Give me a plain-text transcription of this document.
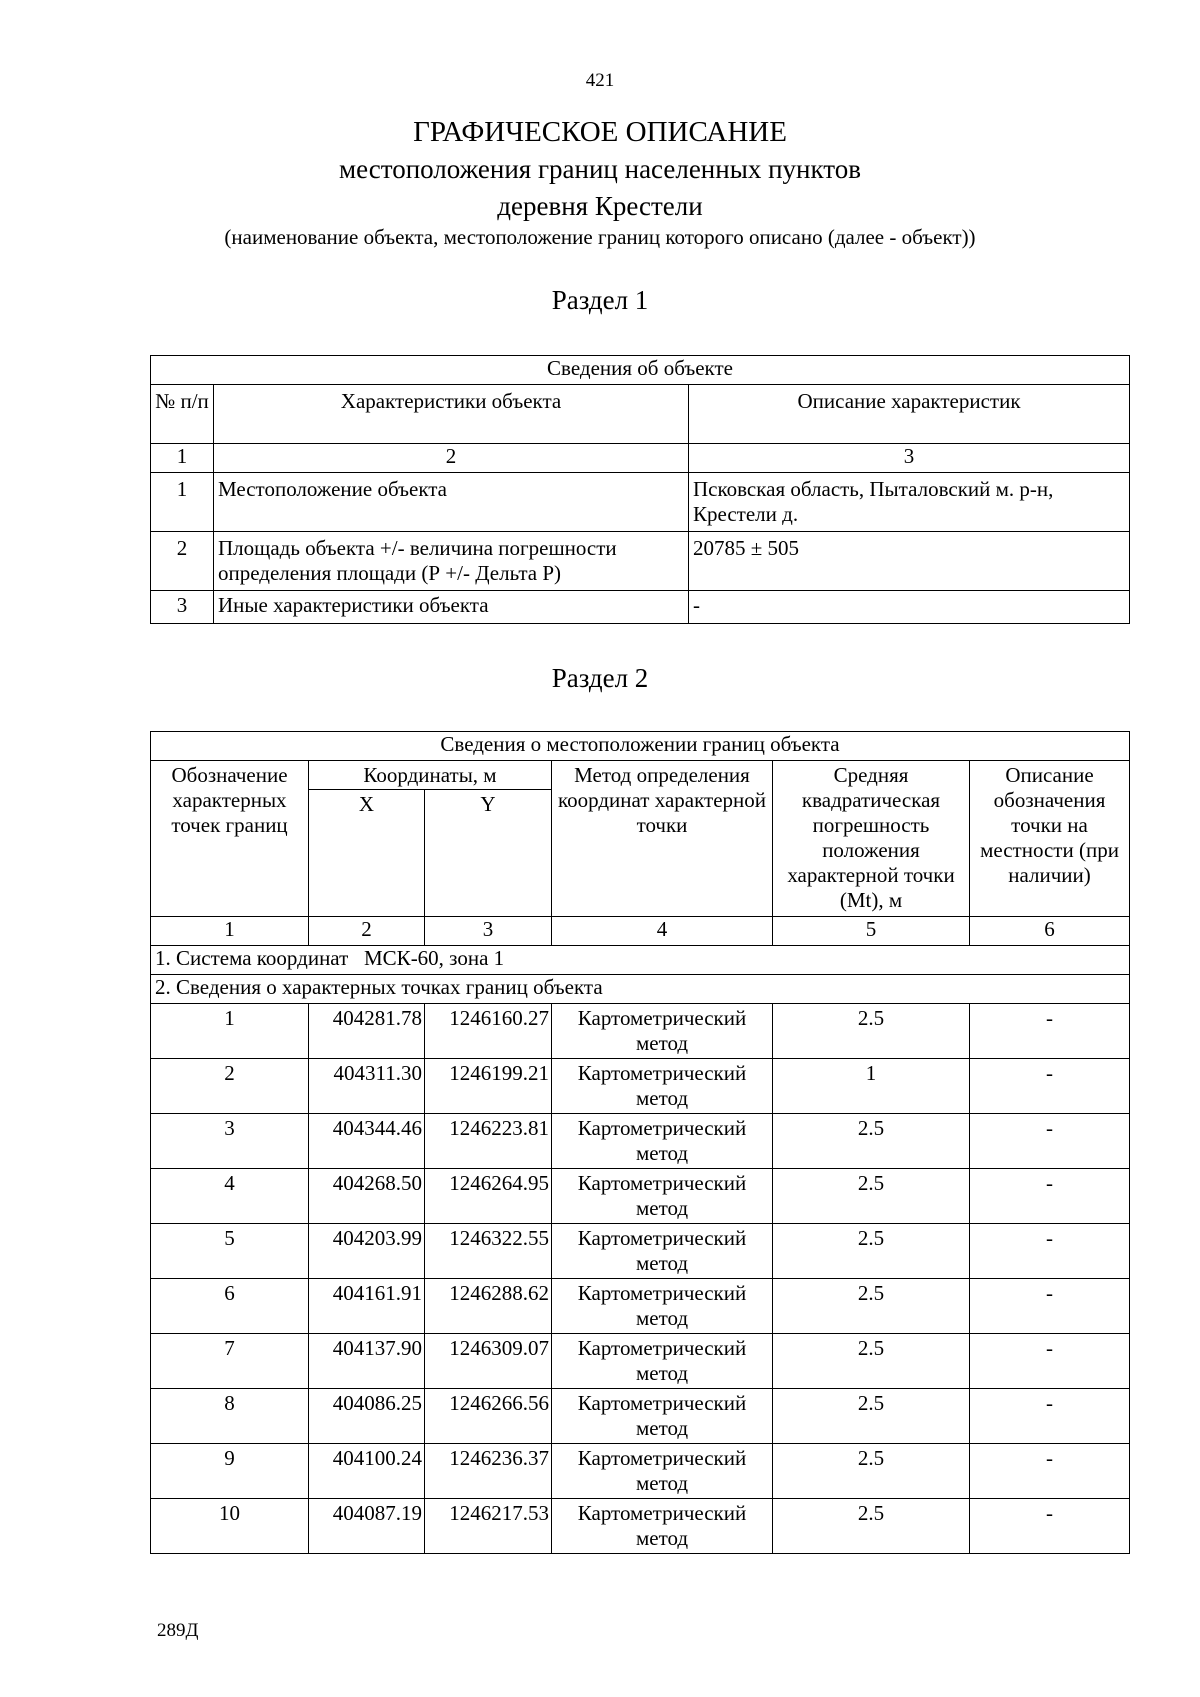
421
ГРАФИЧЕСКОЕ ОПИСАНИЕ
местоположения границ населенных пунктов
деревня Крестели
(наименование объекта, местоположение границ которого описано (далее - объект))
Раздел 1
Сведения об объекте		
№ п/п	Характеристики объекта	Описание характеристик
1	2	3
1	Местоположение объекта	Псковская область, Пыталовский м. р-н, Крестели д.
2	Площадь объекта +/- величина погрешности определения площади (Р +/- Дельта Р)	20785 ± 505
3	Иные характеристики объекта	-
Раздел 2
Сведения о местоположении границ объекта					
Обозначение характерных точек границ	Координаты, м		Метод определения координат характерной точки	Средняя квадратическая погрешность положения характерной точки (Mt), м	Описание обозначения точки на местности (при наличии)
	X	Y			
1	2	3	4	5	6
1. Система координат   МСК-60, зона 1					
2. Сведения о характерных точках границ объекта					
1	404281.78	1246160.27	Картометрический метод	2.5	-
2	404311.30	1246199.21	Картометрический метод	1	-
3	404344.46	1246223.81	Картометрический метод	2.5	-
4	404268.50	1246264.95	Картометрический метод	2.5	-
5	404203.99	1246322.55	Картометрический метод	2.5	-
6	404161.91	1246288.62	Картометрический метод	2.5	-
7	404137.90	1246309.07	Картометрический метод	2.5	-
8	404086.25	1246266.56	Картометрический метод	2.5	-
9	404100.24	1246236.37	Картометрический метод	2.5	-
10	404087.19	1246217.53	Картометрический метод	2.5	-
289Д
